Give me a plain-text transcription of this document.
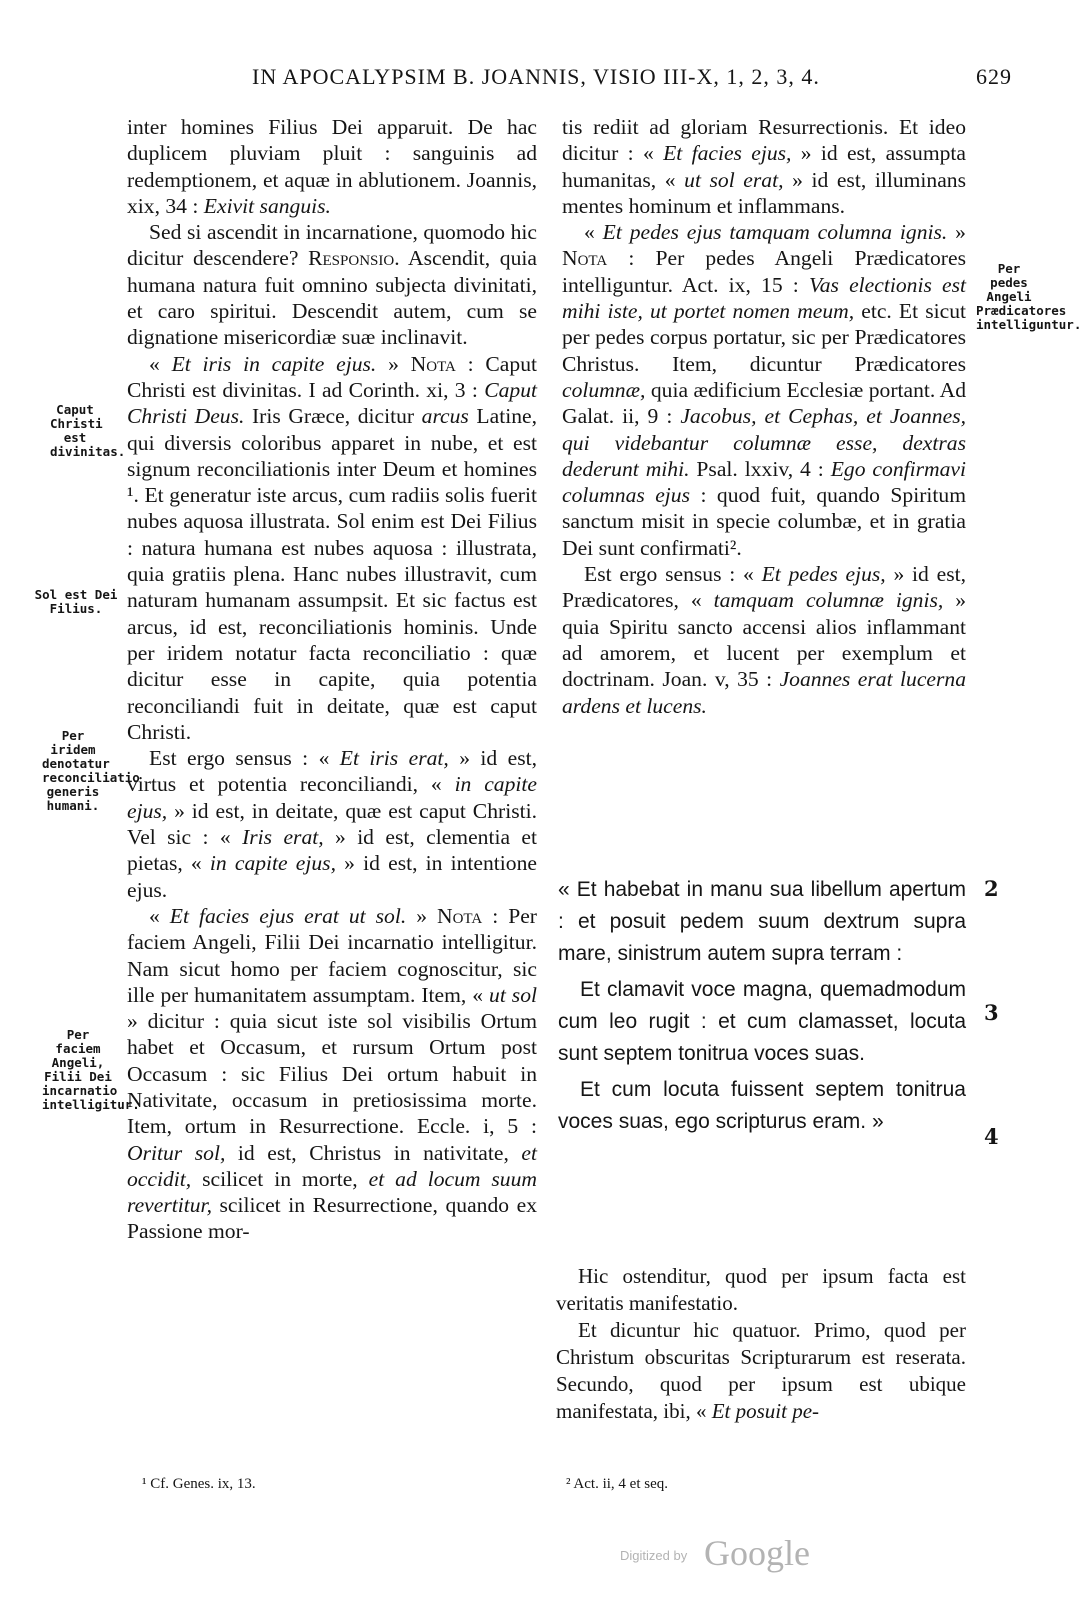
IN APOCALYPSIM B. JOANNIS, VISIO III-X, 1, 2, 3, 4.	629
Caput Christi est divinitas.
Sol est Dei Filius.
Per iridem denotatur reconciliatio generis humani.
Per faciem Angeli, Filii Dei incarnatio intelligitur.
Per pedes Angeli Prædicatores intelliguntur.

inter homines Filius Dei apparuit. De hac duplicem pluviam pluit : sanguinis ad redemptionem, et aquæ in ablutionem. Joannis, xix, 34 : Exivit sanguis.

Sed si ascendit in incarnatione, quomodo hic dicitur descendere? Responsio. Ascendit, quia humana natura fuit omnino subjecta divinitati, et caro spiritui. Descendit autem, cum se dignatione misericordiæ suæ inclinavit.

« Et iris in capite ejus. » Nota : Caput Christi est divinitas. I ad Corinth. xi, 3 : Caput Christi Deus. Iris Græce, dicitur arcus Latine, qui diversis coloribus apparet in nube, et est signum reconciliationis inter Deum et homines ¹. Et generatur iste arcus, cum radiis solis fuerit nubes aquosa illustrata. Sol enim est Dei Filius : natura humana est nubes aquosa : illustrata, quia gratiis plena. Hanc nubes illustravit, cum naturam humanam assumpsit. Et sic factus est arcus, id est, reconciliationis hominis. Unde per iridem notatur facta reconciliatio : quæ dicitur esse in capite, quia potentia reconciliandi fuit in deitate, quæ est caput Christi.

Est ergo sensus : « Et iris erat, » id est, virtus et potentia reconciliandi, « in capite ejus, » id est, in deitate, quæ est caput Christi. Vel sic : « Iris erat, » id est, clementia et pietas, « in capite ejus, » id est, in intentione ejus.

« Et facies ejus erat ut sol. » Nota : Per faciem Angeli, Filii Dei incarnatio intelligitur. Nam sicut homo per faciem cognoscitur, sic ille per humanitatem assumptam. Item, « ut sol » dicitur : quia sicut iste sol visibilis Ortum habet et Occasum, et rursum Ortum post Occasum : sic Filius Dei ortum habuit in Nativitate, occasum in pretiosissima morte. Item, ortum in Resurrectione. Eccle. i, 5 : Oritur sol, id est, Christus in nativitate, et occidit, scilicet in morte, et ad locum suum revertitur, scilicet in Resurrectione, quando ex Passione mor-

tis rediit ad gloriam Resurrectionis. Et ideo dicitur : « Et facies ejus, » id est, assumpta humanitas, « ut sol erat, » id est, illuminans mentes hominum et inflammans.

« Et pedes ejus tamquam columna ignis. » Nota : Per pedes Angeli Prædicatores intelliguntur. Act. ix, 15 : Vas electionis est mihi iste, ut portet nomen meum, etc. Et sicut per pedes corpus portatur, sic per Prædicatores Christus. Item, dicuntur Prædicatores columnæ, quia ædificium Ecclesiæ portant. Ad Galat. ii, 9 : Jacobus, et Cephas, et Joannes, qui videbantur columnæ esse, dextras dederunt mihi. Psal. lxxiv, 4 : Ego confirmavi columnas ejus : quod fuit, quando Spiritum sanctum misit in specie columbæ, et in gratia Dei sunt confirmati².

Est ergo sensus : « Et pedes ejus, » id est, Prædicatores, « tamquam columnæ ignis, » quia Spiritu sancto accensi alios inflammant ad amorem, et lucent per exemplum et doctrinam. Joan. v, 35 : Joannes erat lucerna ardens et lucens.

« Et habebat in manu sua libellum apertum : et posuit pedem suum dextrum supra mare, sinistrum autem supra terram :

Et clamavit voce magna, quemadmodum cum leo rugit : et cum clamasset, locuta sunt septem tonitrua voces suas.

Et cum locuta fuissent septem tonitrua voces suas, ego scripturus eram. »

2
3
4

Hic ostenditur, quod per ipsum facta est veritatis manifestatio.

Et dicuntur hic quatuor. Primo, quod per Christum obscuritas Scripturarum est reserata. Secundo, quod per ipsum est ubique manifestata, ibi, « Et posuit pe-

¹ Cf. Genes. ix, 13.	² Act. ii, 4 et seq.
Digitized by Google
